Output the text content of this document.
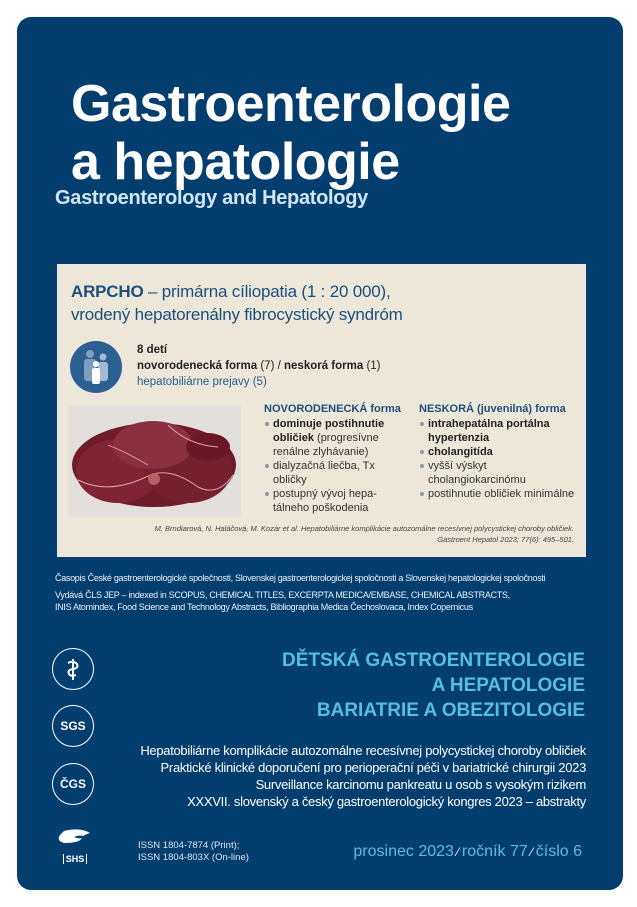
Gastroenterologie
a hepatologie
Gastroenterology and Hepatology
ARPCHO – primárna cíliopatia (1 : 20 000),
vrodený hepatorenálny fibrocystický syndróm
8 detí
novorodenecká forma (7) / neskorá forma (1)
hepatobiliárne prejavy (5)
NOVORODENECKÁ forma
dominuje postihnutie obličiek (progresívne renálne zlyhávanie)
dialyzačná liečba, Tx obličky
postupný vývoj hepa-tálneho poškodenia
NESKORÁ (juvenilná) forma
intrahepatálna portálna hypertenzia
cholangitída
vyšší výskyt cholangiokarcinómu
postihnutie obličiek minimálne
M. Brndiarová, N. Haláčová, M. Kozár et al. Hepatobiliárne komplikácie autozomálne recesívnej polycystickej choroby obličiek.
Gastroent Hepatol 2023; 77(6): 495–501.
Časopis České gastroenterologické společnosti, Slovenskej gastroenterologickej spoločnosti a Slovenskej hepatologickej spoločnosti
Vydává ČLS JEP – indexed in SCOPUS, CHEMICAL TITLES, EXCERPTA MEDICA/EMBASE, CHEMICAL ABSTRACTS,
INIS Atomindex, Food Science and Technology Abstracts, Bibliographia Medica Čechoslovaca, Index Copernicus
SGS
ČGS
SHS
DĚTSKÁ GASTROENTEROLOGIE
A HEPATOLOGIE
BARIATRIE A OBEZITOLOGIE
Hepatobiliárne komplikácie autozomálne recesívnej polycystickej choroby obličiek
Praktické klinické doporučení pro perioperační péči v bariatrické chirurgii 2023
Surveillance karcinomu pankreatu u osob s vysokým rizikem
XXXVII. slovenský a český gastroenterologický kongres 2023 – abstrakty
ISSN 1804-7874 (Print);
ISSN 1804-803X (On-line)	prosinec 2023 ⁄ ročník 77 ⁄ číslo 6
